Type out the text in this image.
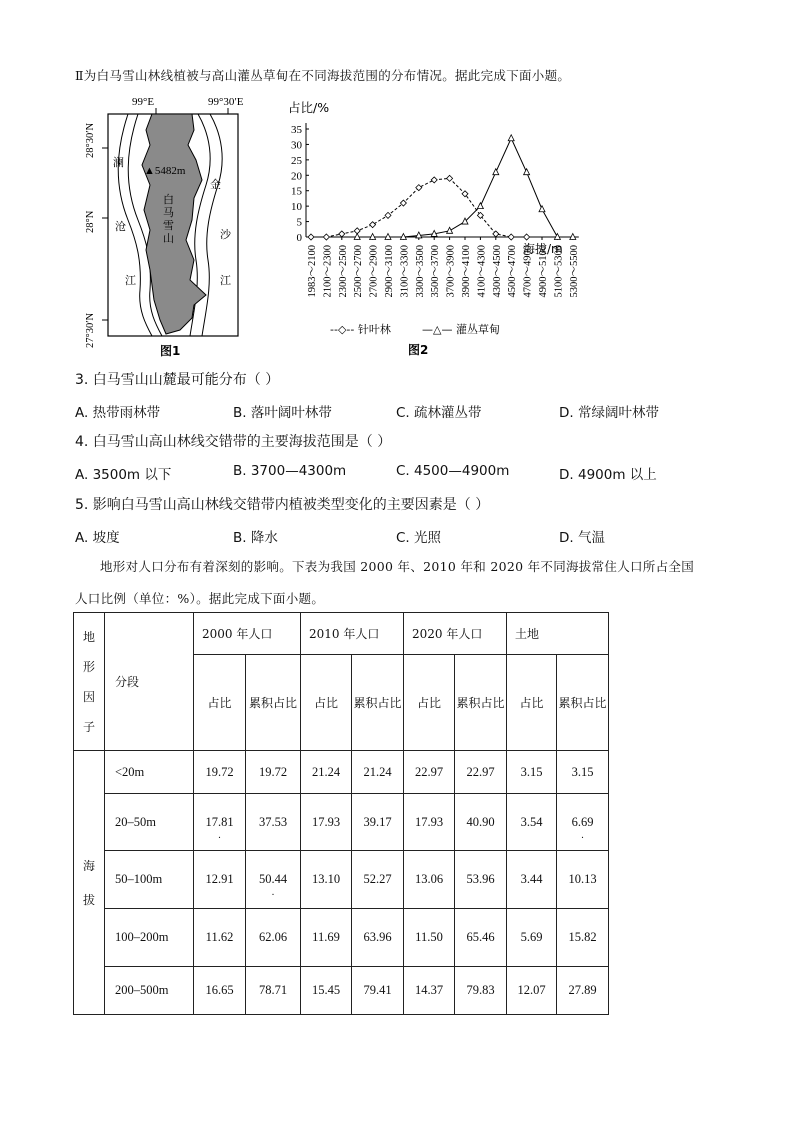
Ⅱ为白马雪山林线植被与高山灌丛草甸在不同海拔范围的分布情况。据此完成下面小题。
99°E	99°30′E
28°30′N
28°N
27°30′N
▲5482m
白
马
雪
山
澜
沧
江
金
沙
江
图1
占比/%
海拔/m
0
5
10
15
20
25
30
35
1983～2100 2100～2300 2300～2500 2500～2700 2700～2900 2900～3100 3100～3300 3300～3500 3500～3700 3700～3900 3900～4100 4100～4300 4300～4500 4500～4700 4700～4900 4900～5100 5100～5300 5300～5500
--◇-- 针叶林	—△— 灌丛草甸
图2
3. 白马雪山山麓最可能分布（ ）
A. 热带雨林带	B. 落叶阔叶林带	C. 疏林灌丛带	D. 常绿阔叶林带
4. 白马雪山高山林线交错带的主要海拔范围是（ ）
A. 3500m 以下	B. 3700—4300m	C. 4500—4900m	D. 4900m 以上
5. 影响白马雪山高山林线交错带内植被类型变化的主要因素是（ ）
A. 坡度	B. 降水	C. 光照	D. 气温
地形对人口分布有着深刻的影响。下表为我国 2000 年、2010 年和 2020 年不同海拔常住人口所占全国
人口比例（单位：%）。据此完成下面小题。
地
形
因
子	分段	2000 年人口		2010 年人口		2020 年人口		土地	
		占比	累积占比	占比	累积占比	占比	累积占比	占比	累积占比

海
拔	<20m	19.72	19.72	21.24	21.24	22.97	22.97	3.15	3.15
	20–50m	17.81 .	37.53	17.93	39.17	17.93	40.90	3.54	6.69 .
	50–100m	12.91	50.44 .	13.10	52.27	13.06	53.96	3.44	10.13
	100–200m	11.62	62.06	11.69	63.96	11.50	65.46	5.69	15.82
	200–500m	16.65	78.71	15.45	79.41	14.37	79.83	12.07	27.89
